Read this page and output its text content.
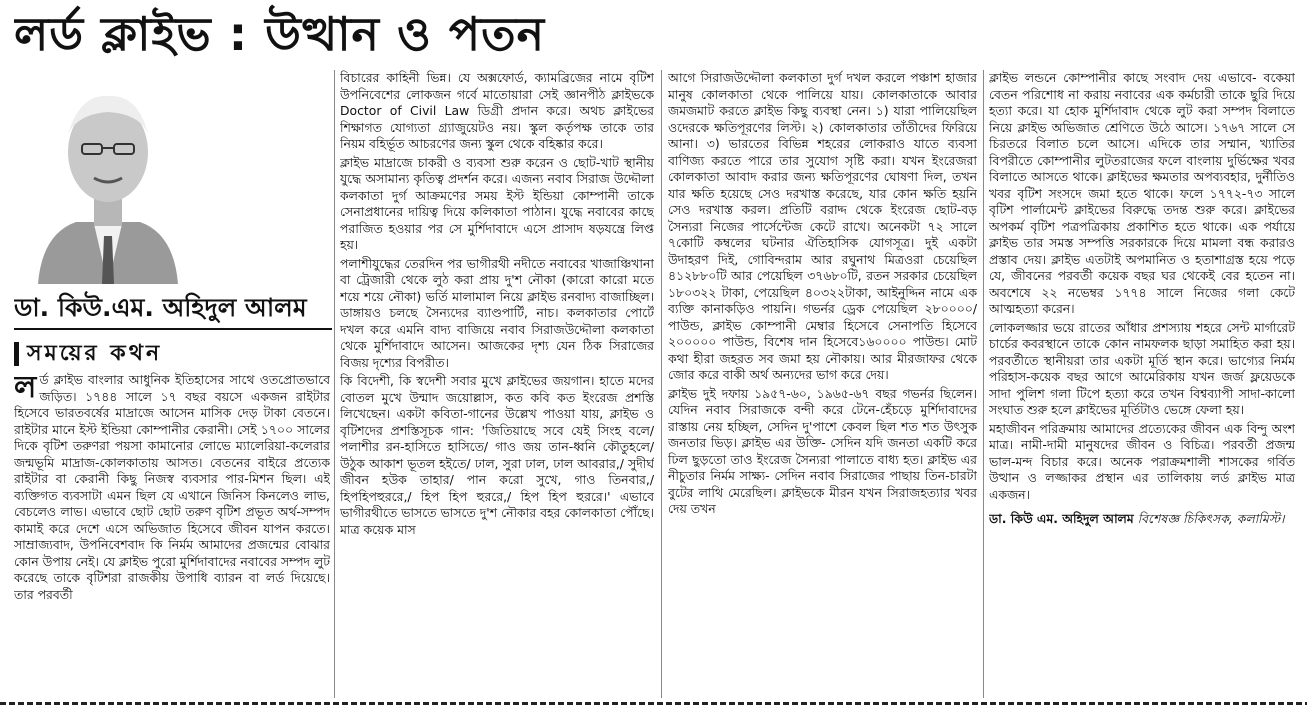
লর্ড ক্লাইভ : উত্থান ও পতন
ডা. কিউ.এম. অহিদুল আলম
সময়ের কথন

লর্ড ক্লাইভ বাংলার আধুনিক ইতিহাসের সাথে ওতপ্রোতভাবে জড়িত। ১৭৪৪ সালে ১৭ বছর বয়সে একজন রাইটার হিসেবে ভারতবর্ষের মাদ্রাজে আসেন মাসিক দেড় টাকা বেতনে। রাইটার মানে ইস্ট ইন্ডিয়া কোম্পানীর কেরানী। সেই ১৭০০ সালের দিকে বৃটিশ তরুণরা পয়সা কামানোর লোভে ম্যালেরিয়া-কলেরার জন্মভূমি মাদ্রাজ-কোলকাতায় আসত। বেতনের বাইরে প্রত্যেক রাইটার বা কেরানী কিছু নিজস্ব ব্যবসার পার-মিশন ছিল। এই ব্যক্তিগত ব্যবসাটা এমন ছিল যে এখানে জিনিস কিনলেও লাভ, বেচলেও লাভ। এভাবে ছোট ছোট তরুণ বৃটিশ প্রভূত অর্থ-সম্পদ কামাই করে দেশে এসে অভিজাত হিসেবে জীবন যাপন করতে। সাম্রাজ্যবাদ, উপনিবেশবাদ কি নির্মম আমাদের প্রজন্মের বোঝার কোন উপায় নেই। যে ক্লাইভ পুরো মুর্শিদাবাদের নবাবের সম্পদ লুট করেছে তাকে বৃটিশরা রাজকীয় উপাধি ব্যারন বা লর্ড দিয়েছে। তার পরবর্তী

বিচারের কাহিনী ভিন্ন। যে অক্সফোর্ড, ক্যামব্রিজের নামে বৃটিশ উপনিবেশের লোকজন গর্বে মাতোয়ারা সেই জ্ঞানপীঠ ক্লাইভকে Doctor of Civil Law ডিগ্রী প্রদান করে। অথচ ক্লাইভের শিক্ষাগত যোগ্যতা গ্র্যাজুয়েটও নয়। স্কুল কর্তৃপক্ষ তাকে তার নিয়ম বহির্ভূত আচরণের জন্য স্কুল থেকে বহিষ্কার করে।

ক্লাইভ মাদ্রাজে চাকরী ও ব্যবসা শুরু করেন ও ছোট-খাট স্থানীয় যুদ্ধে অসামান্য কৃতিত্ব প্রদর্শন করে। এজন্য নবাব সিরাজ উদ্দৌলা কলকাতা দুর্গ আক্রমণের সময় ইস্ট ইন্ডিয়া কোম্পানী তাকে সেনাপ্রধানের দায়িত্ব দিয়ে কলিকাতা পাঠান। যুদ্ধে নবাবের কাছে পরাজিত হওয়ার পর সে মুর্শিদাবাদে এসে প্রাসাদ ষড়যন্ত্রে লিপ্ত হয়।

পলাশীযুদ্ধের তেরদিন পর ভাগীরথী নদীতে নবাবের খাজাঞ্চিখানা বা ট্রেজারী থেকে লুঠ করা প্রায় দু'শ নৌকা (কারো কারো মতে শয়ে শয়ে নৌকা) ভর্তি মালামাল নিয়ে ক্লাইভ রনবাদ্য বাজাচ্ছিল। ডাঙ্গায়ও চলছে সৈন্যদের ব্যাণ্ডপার্টি, নাচ। কলকাতার পোর্টে দখল করে এমনি বাদ্য বাজিয়ে নবাব সিরাজউদ্দৌলা কলকাতা থেকে মুর্শিদাবাদে আসেন। আজকের দৃশ্য যেন ঠিক সিরাজের বিজয় দৃশ্যের বিপরীত।

কি বিদেশী, কি স্বদেশী সবার মুখে ক্লাইভের জয়গান। হাতে মদের বোতল মুখে উন্মাদ জয়োল্লাস, কত কবি কত ইংরেজ প্রশস্তি লিখেছেন। একটা কবিতা-গানের উল্লেখ পাওয়া যায়, ক্লাইভ ও বৃটিশদের প্রশস্তিসূচক গান: 'জিতিয়াছে সবে যেই সিংহ বলে/ পলাশীর রন-হাসিতে হাসিতে/ গাও জয় তান-ধ্বনি কৌতুহলে/ উঠুক আকাশ ভূতল হইতে/ ঢাল, সুরা ঢাল, ঢাল আবরার,/ সুদীর্ঘ জীবন হউক তাহার/ পান করো সুখে, গাও তিনবার,/ হিপহিপহুররে,/ হিপ হিপ হুররে,/ হিপ হিপ হুররে।' এভাবে ভাগীরথীতে ভাসতে ভাসতে দু'শ নৌকার বহর কোলকাতা পৌঁছে। মাত্র কয়েক মাস

আগে সিরাজউদ্দৌলা কলকাতা দুর্গ দখল করলে পঞ্চাশ হাজার মানুষ কোলকাতা থেকে পালিয়ে যায়। কোলকাতাকে আবার জমজমাট করতে ক্লাইভ কিছু ব্যবস্থা নেন। ১) যারা পালিয়েছিল ওদেরকে ক্ষতিপূরণের লিস্ট। ২) কোলকাতার তাঁতীদের ফিরিয়ে আনা। ৩) ভারতের বিভিন্ন শহরের লোকরাও যাতে ব্যবসা বাণিজ্য করতে পারে তার সুযোগ সৃষ্টি করা। যখন ইংরেজরা কোলকাতা আবাদ করার জন্য ক্ষতিপূরণের ঘোষণা দিল, তখন যার ক্ষতি হয়েছে সেও দরখাস্ত করেছে, যার কোন ক্ষতি হয়নি সেও দরখাস্ত করল। প্রতিটি বরাদ্দ থেকে ইংরেজ ছোট-বড় সৈন্যরা নিজের পার্সেন্টেজ কেটে রাখে। অনেকটা ৭২ সালে ৭কোটি কম্বলের ঘটনার ঐতিহাসিক যোগসূত্র। দুই একটা উদাহরণ দিই, গোবিন্দরাম আর রঘুনাথ মিত্রওরা চেয়েছিল ৪১২৮৮০টি আর পেয়েছিল ৩৭৬৮০টি, রতন সরকার চেয়েছিল ১৮০৩২২ টাকা, পেয়েছিল ৪০৩২২টাকা, আইনুদ্দিন নামে এক ব্যক্তি কানাকড়িও পায়নি। গভর্নর ড্রেক পেয়েছিল ২৮০০০০/ পাউন্ড, ক্লাইভ কোম্পানী মেম্বার হিসেবে সেনাপতি হিসেবে ২০০০০০ পাউন্ড, বিশেষ দান হিসেবে১৬০০০০ পাউন্ড। মোট কথা হীরা জহরত সব জমা হয় নৌকায়। আর মীরজাফর থেকে জোর করে বাকী অর্থ অন্যদের ভাগ করে দেয়।

ক্লাইভ দুই দফায় ১৯৫৭-৬০, ১৯৬৫-৬৭ বছর গভর্নর ছিলেন। যেদিন নবাব সিরাজকে বন্দী করে টেনে-হেঁচড়ে মুর্শিদাবাদের রাস্তায় নেয় হচ্ছিল, সেদিন দু'পাশে কেবল ছিল শত শত উৎসুক জনতার ভিড়। ক্লাইভ এর উক্তি- সেদিন যদি জনতা একটি করে ঢিল ছুড়তো তাও ইংরেজ সৈন্যরা পালাতে বাধ্য হত। ক্লাইভ এর নীচুতার নির্মম সাক্ষ্য- সেদিন নবাব সিরাজের পাছায় তিন-চারটা বুটের লাথি মেরেছিল। ক্লাইভকে মীরন যখন সিরাজহত্যার খবর দেয় তখন

ক্লাইভ লন্ডনে কোম্পানীর কাছে সংবাদ দেয় এভাবে- বকেয়া বেতন পরিশোধ না করায় নবাবের এক কর্মচারী তাকে ছুরি দিয়ে হত্যা করে। যা হোক মুর্শিদাবাদ থেকে লুট করা সম্পদ বিলাতে নিয়ে ক্লাইভ অভিজাত শ্রেণিতে উঠে আসে। ১৭৬৭ সালে সে চিরতরে বিলাত চলে আসে। এদিকে তার সম্মান, খ্যাতির বিপরীতে কোম্পানীর লুটতরাজের ফলে বাংলায় দুর্ভিক্ষের খবর বিলাতে আসতে থাকে। ক্লাইভের ক্ষমতার অপব্যবহার, দুর্নীতিও খবর বৃটিশ সংসদে জমা হতে থাকে। ফলে ১৭৭২-৭৩ সালে বৃটিশ পার্লামেন্ট ক্লাইভের বিরুদ্ধে তদন্ত শুরু করে। ক্লাইভের অপকর্ম বৃটিশ পত্রপত্রিকায় প্রকাশিত হতে থাকে। এক পর্যায়ে ক্লাইভ তার সমস্ত সম্পত্তি সরকারকে দিয়ে মামলা বন্ধ করারও প্রস্তাব দেয়। ক্লাইভ এতটাই অপমানিত ও হতাশাগ্রস্ত হয়ে পড়ে যে, জীবনের পরবর্তী কয়েক বছর ঘর থেকেই বের হতেন না। অবশেষে ২২ নভেম্বর ১৭৭৪ সালে নিজের গলা কেটে আত্মহত্যা করেন।

লোকলজ্জার ভয়ে রাতের আঁধার প্রশস্যায় শহরে সেন্ট মার্গারেট চার্চের কবরস্থানে তাকে কোন নামফলক ছাড়া সমাহিত করা হয়। পরবর্তীতে স্থানীয়রা তার একটা মূর্তি স্থান করে। ভাগ্যের নির্মম পরিহাস-কয়েক বছর আগে আমেরিকায় যখন জর্জ ফ্লয়েডকে সাদা পুলিশ গলা টিপে হত্যা করে তখন বিশ্বব্যাপী সাদা-কালো সংঘাত শুরু হলে ক্লাইভের মূর্তিটাও ভেঙ্গে ফেলা হয়।

মহাজীবন পরিক্রমায় আমাদের প্রত্যেকের জীবন এক বিন্দু অংশ মাত্র। নামী-দামী মানুষদের জীবন ও বিচিত্র। পরবর্তী প্রজন্ম ভাল-মন্দ বিচার করে। অনেক পরাক্রমশালী শাসকের গর্বিত উত্থান ও লজ্জাকর প্রস্থান এর তালিকায় লর্ড ক্লাইভ মাত্র একজন।

ডা. কিউ এম. অহিদুল আলম বিশেষজ্ঞ চিকিৎসক, কলামিস্ট।
